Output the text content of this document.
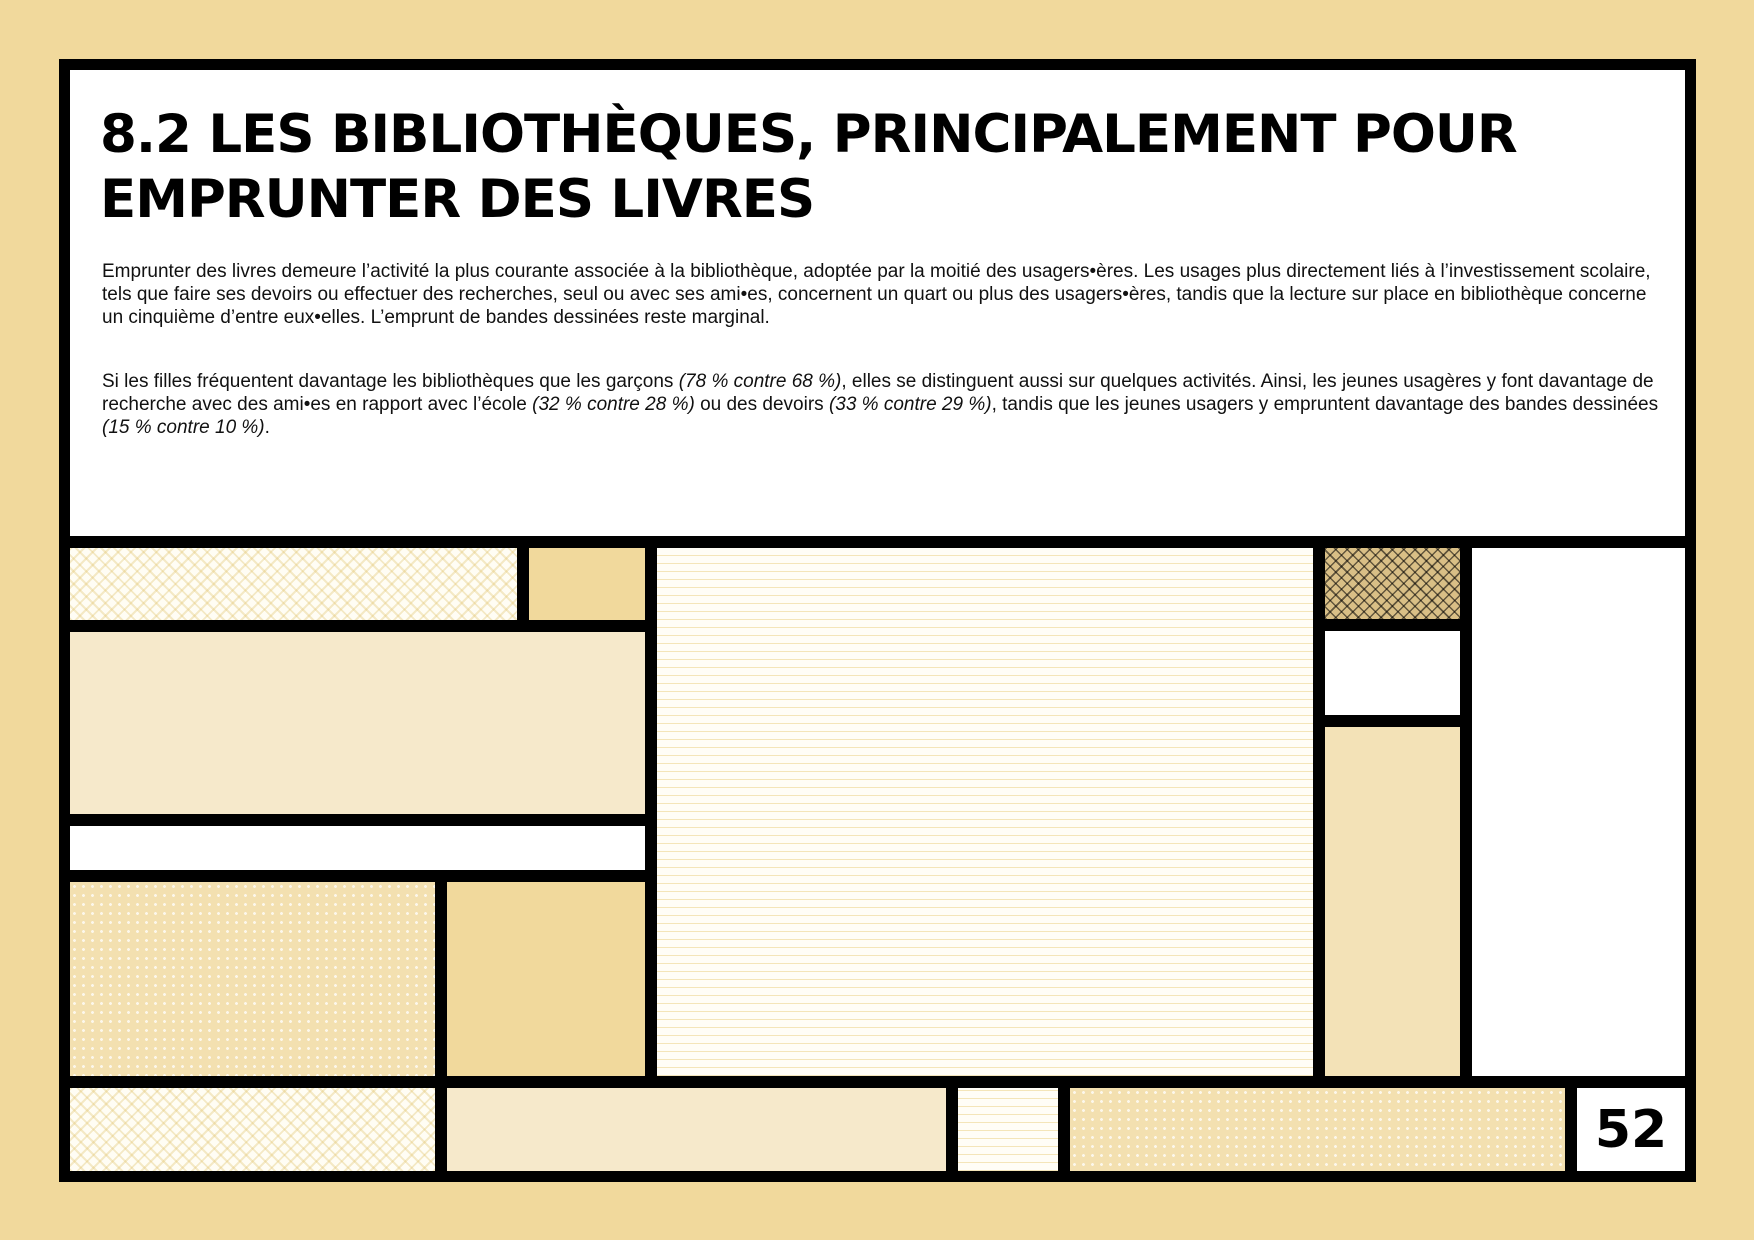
8.2 LES BIBLIOTHÈQUES, PRINCIPALEMENT POUR EMPRUNTER DES LIVRES

Emprunter des livres demeure l’activité la plus courante associée à la bibliothèque, adoptée par la moitié des usagers•ères. Les usages plus directement liés à l’investissement scolaire, tels que faire ses devoirs ou effectuer des recherches, seul ou avec ses ami•es, concernent un quart ou plus des usagers•ères, tandis que la lecture sur place en bibliothèque concerne un cinquième d’entre eux•elles. L’emprunt de bandes dessinées reste marginal.

Si les filles fréquentent davantage les bibliothèques que les garçons (78 % contre 68 %), elles se distinguent aussi sur quelques activités. Ainsi, les jeunes usagères y font davantage de recherche avec des ami•es en rapport avec l’école (32 % contre 28 %) ou des devoirs (33 % contre 29 %), tandis que les jeunes usagers y empruntent davantage des bandes dessinées (15 % contre 10 %).

52
